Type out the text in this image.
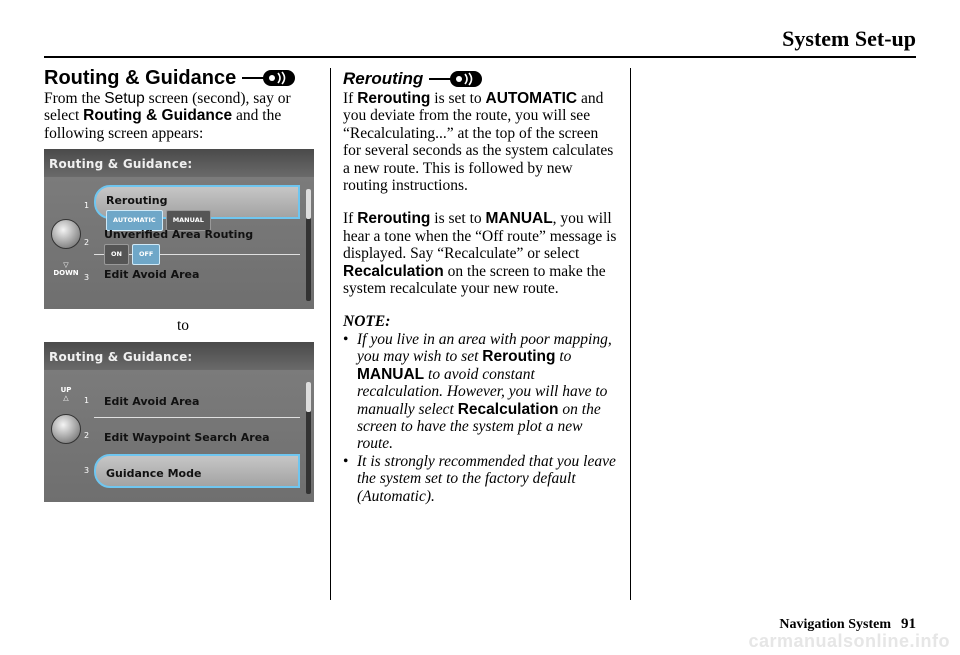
System Set-up
Routing & Guidance

From the Setup screen (second), say or select Routing & Guidance and the following screen appears:

Routing & Guidance:
▽
DOWN
1
2
3
Rerouting
AUTOMATIC	MANUAL
Unverified Area Routing
ON	OFF
Edit Avoid Area

to

Routing & Guidance:
UP
△	1
2
3
Edit Avoid Area
Edit Waypoint Search Area
Guidance Mode
Rerouting

If Rerouting is set to AUTOMATIC and you deviate from the route, you will see “Recalculating...” at the top of the screen for several seconds as the system calculates a new route. This is followed by new routing instructions.

If Rerouting is set to MANUAL, you will hear a tone when the “Off route” message is displayed. Say “Recalculate” or select Recalculation on the screen to make the system recalculate your new route.

NOTE:

• If you live in an area with poor mapping, you may wish to set Rerouting to MANUAL to avoid constant recalculation. However, you will have to manually select Recalculation on the screen to have the system plot a new route.
• It is strongly recommended that you leave the system set to the factory default (Automatic).
Navigation System 91
carmanualsonline.info
